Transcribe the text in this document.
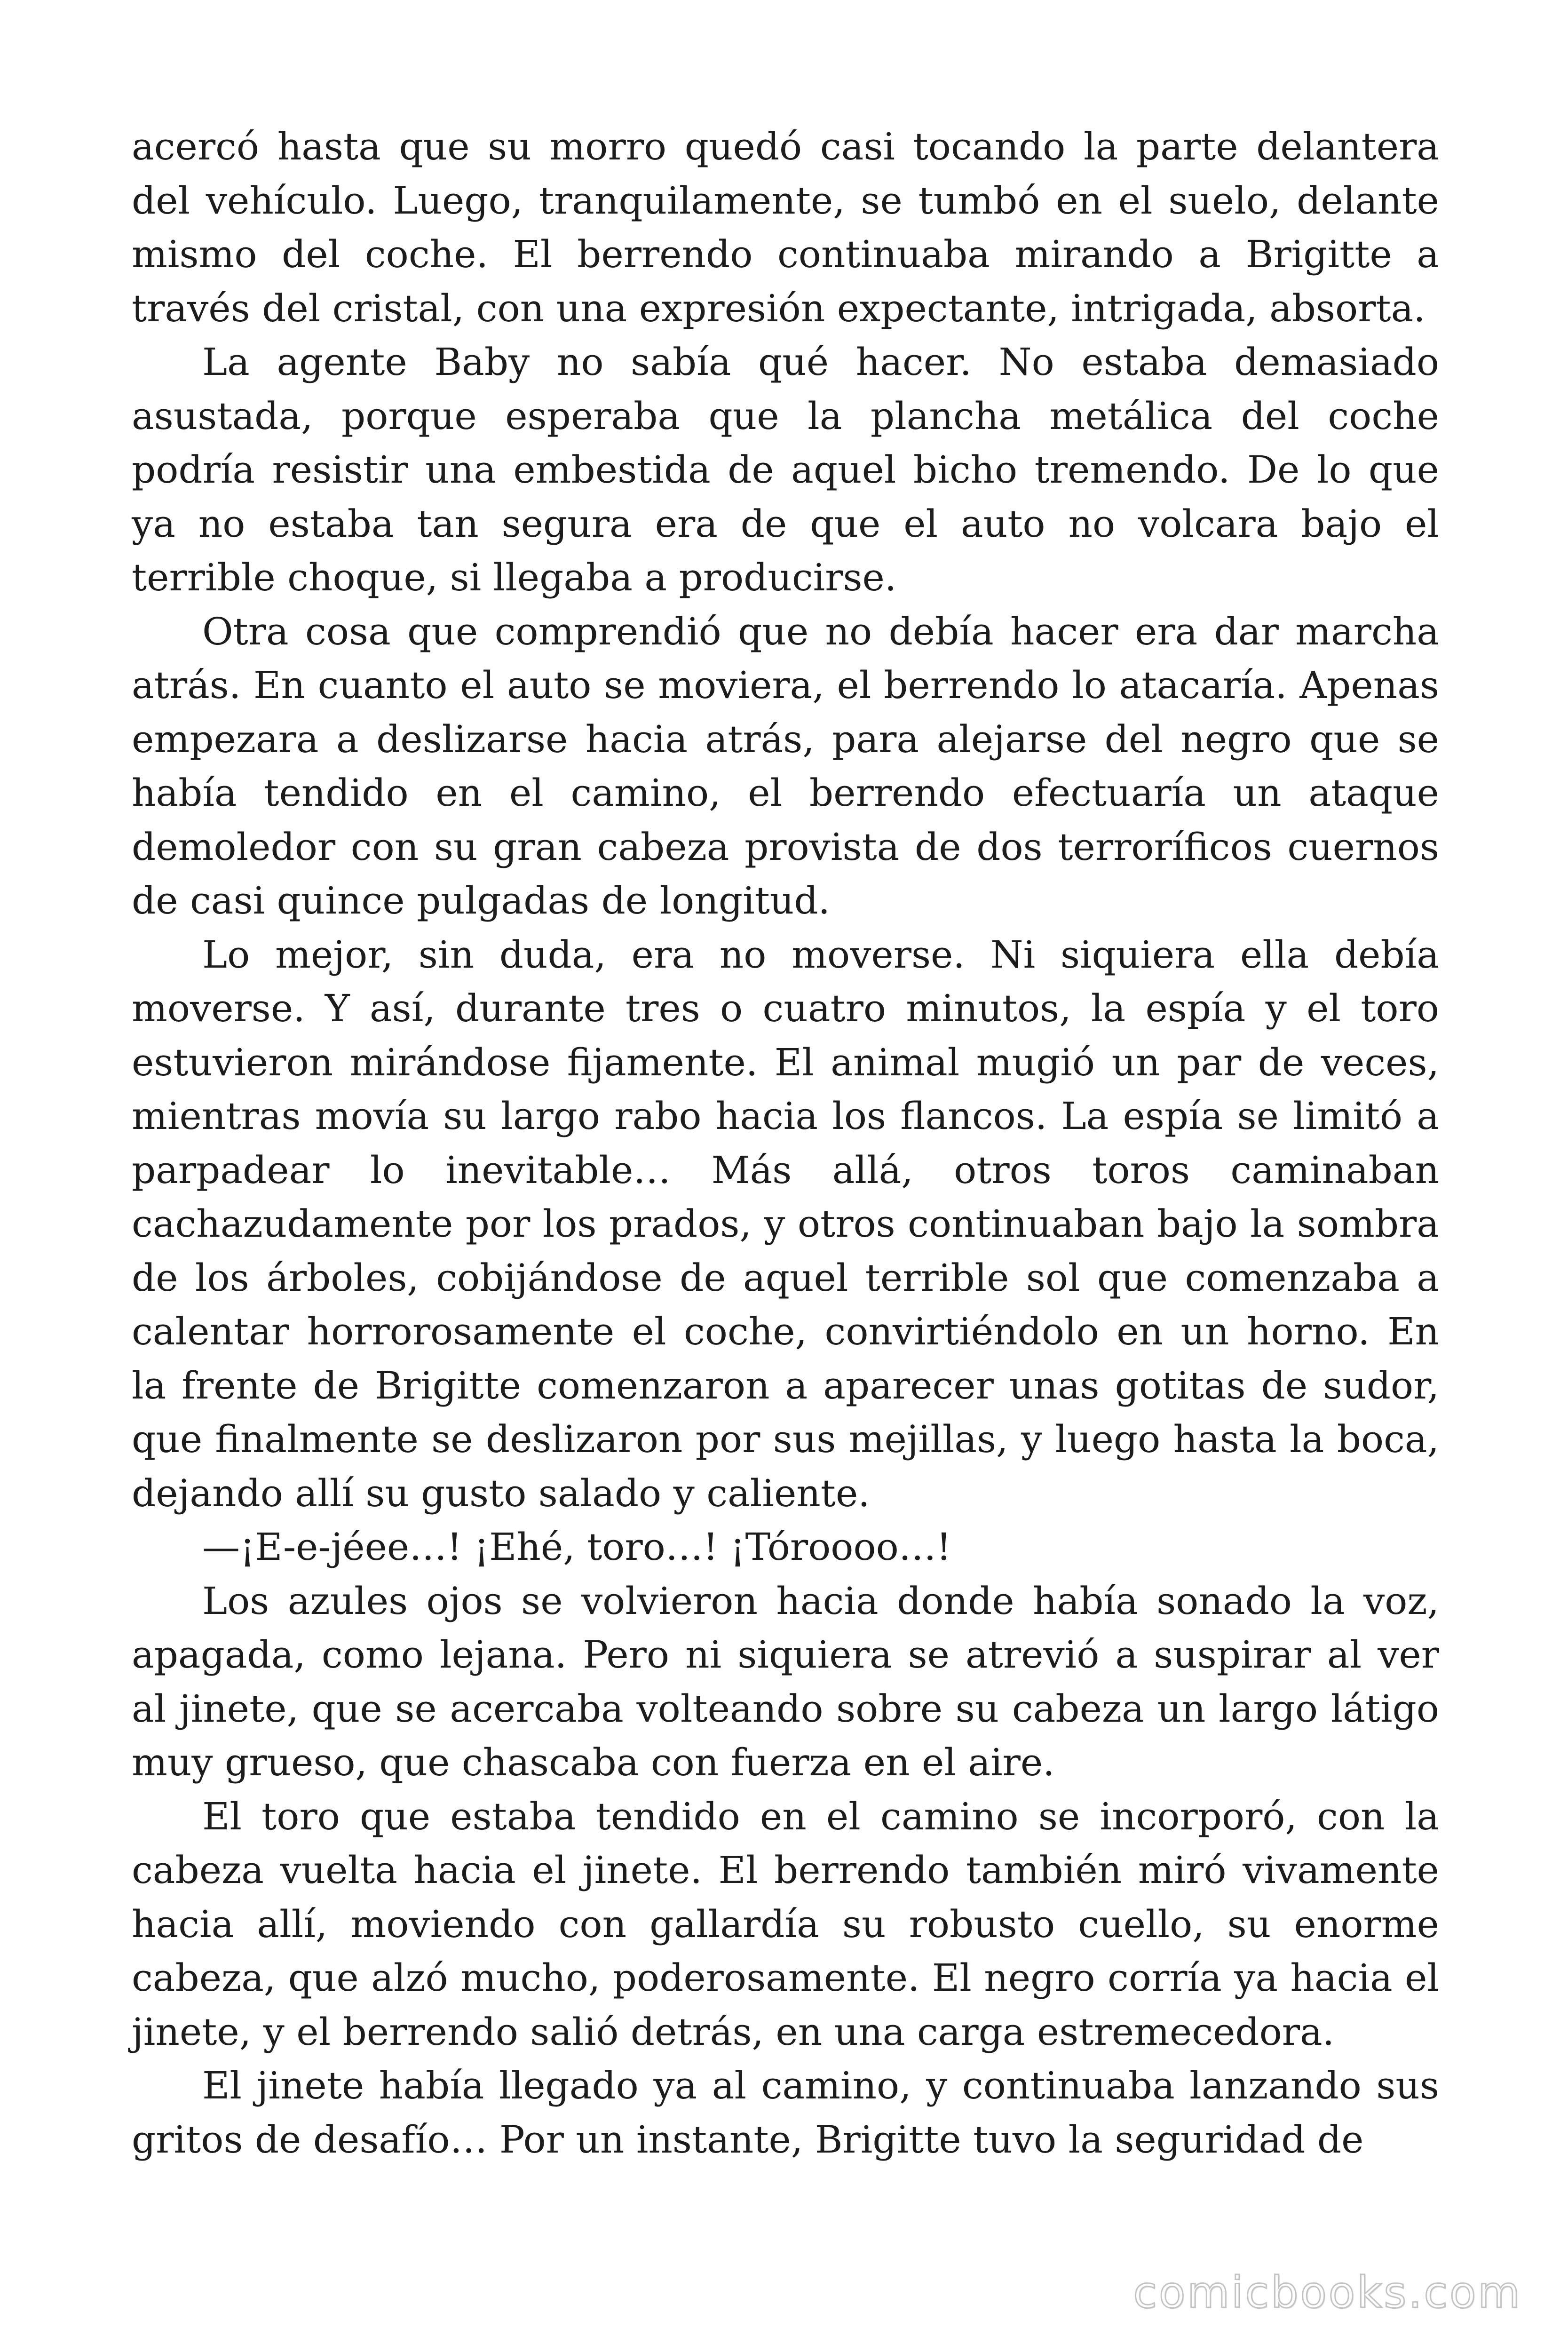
acercó hasta que su morro quedó casi tocando la parte delantera del vehículo. Luego, tranquilamente, se tumbó en el suelo, delante mismo del coche. El berrendo continuaba mirando a Brigitte a través del cristal, con una expresión expectante, intrigada, absorta.

La agente Baby no sabía qué hacer. No estaba demasiado asustada, porque esperaba que la plancha metálica del coche podría resistir una embestida de aquel bicho tremendo. De lo que ya no estaba tan segura era de que el auto no volcara bajo el terrible choque, si llegaba a producirse.

Otra cosa que comprendió que no debía hacer era dar marcha atrás. En cuanto el auto se moviera, el berrendo lo atacaría. Apenas empezara a deslizarse hacia atrás, para alejarse del negro que se había tendido en el camino, el berrendo efectuaría un ataque demoledor con su gran cabeza provista de dos terroríficos cuernos de casi quince pulgadas de longitud.

Lo mejor, sin duda, era no moverse. Ni siquiera ella debía moverse. Y así, durante tres o cuatro minutos, la espía y el toro estuvieron mirándose fijamente. El animal mugió un par de veces, mientras movía su largo rabo hacia los flancos. La espía se limitó a parpadear lo inevitable… Más allá, otros toros caminaban cachazudamente por los prados, y otros continuaban bajo la sombra de los árboles, cobijándose de aquel terrible sol que comenzaba a calentar horrorosamente el coche, convirtiéndolo en un horno. En la frente de Brigitte comenzaron a aparecer unas gotitas de sudor, que finalmente se deslizaron por sus mejillas, y luego hasta la boca, dejando allí su gusto salado y caliente.

—¡E-e-jéee…! ¡Ehé, toro…! ¡Tóroooo…!

Los azules ojos se volvieron hacia donde había sonado la voz, apagada, como lejana. Pero ni siquiera se atrevió a suspirar al ver al jinete, que se acercaba volteando sobre su cabeza un largo látigo muy grueso, que chascaba con fuerza en el aire.

El toro que estaba tendido en el camino se incorporó, con la cabeza vuelta hacia el jinete. El berrendo también miró vivamente hacia allí, moviendo con gallardía su robusto cuello, su enorme cabeza, que alzó mucho, poderosamente. El negro corría ya hacia el jinete, y el berrendo salió detrás, en una carga estremecedora.

El jinete había llegado ya al camino, y continuaba lanzando sus gritos de desafío… Por un instante, Brigitte tuvo la seguridad de

comicbooks.com
